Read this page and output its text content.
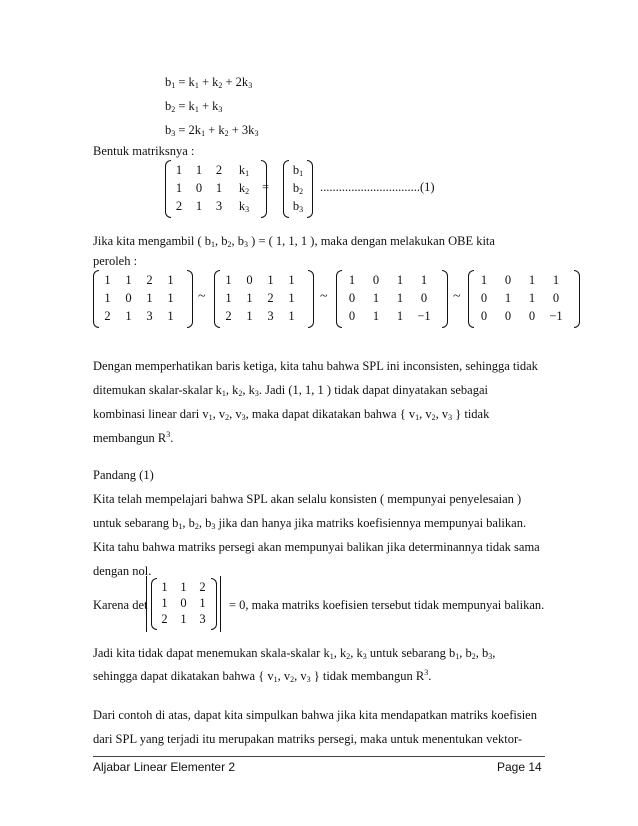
$b_1 = k_1 + k_2 + 2k_3$
$b_2 = k_1 + k_3$
$b_3 = 2k_1 + k_2 + 3k_3$
Bentuk matriksnya :
1	1	2	$k_1$
1	0	1	$k_2$
2	1	3	$k_3$
$b_1$
$b_2$
$b_3$
=	................................(1)
Jika kita mengambil ( $b_1$, $b_2$, $b_3$ ) = ( 1, 1, 1 ), maka dengan melakukan OBE kita
peroleh :
1	1	2	1
1	0	1	1
2	1	3	1
~
1	0	1	1
1	1	2	1
2	1	3	1
~
1	0	1	1
0	1	1	0
0	1	1	−1
~
1	0	1	1
0	1	1	0
0	0	0	−1
Dengan memperhatikan baris ketiga, kita tahu bahwa SPL ini inconsisten, sehingga tidak
ditemukan skalar-skalar $k_1$, $k_2$, $k_3$. Jadi (1, 1, 1 ) tidak dapat dinyatakan sebagai
kombinasi linear dari $v_1$, $v_2$, $v_3$, maka dapat dikatakan bahwa { $v_1$, $v_2$, $v_3$ } tidak
membangun $R^3$.
Pandang (1)
Kita telah mempelajari bahwa SPL akan selalu konsisten ( mempunyai penyelesaian )
untuk sebarang $b_1$, $b_2$, $b_3$ jika dan hanya jika matriks koefisiennya mempunyai balikan.
Kita tahu bahwa matriks persegi akan mempunyai balikan jika determinannya tidak sama
dengan nol.
Karena det
1	1	2
1	0	1
2	1	3
= 0, maka matriks koefisien tersebut tidak mempunyai balikan.
Jadi kita tidak dapat menemukan skala-skalar $k_1$, $k_2$, $k_3$ untuk sebarang $b_1$, $b_2$, $b_3$,
sehingga dapat dikatakan bahwa { $v_1$, $v_2$, $v_3$ } tidak membangun $R^3$.
Dari contoh di atas, dapat kita simpulkan bahwa jika kita mendapatkan matriks koefisien
dari SPL yang terjadi itu merupakan matriks persegi, maka untuk menentukan vektor-
Aljabar Linear Elementer 2	Page 14
